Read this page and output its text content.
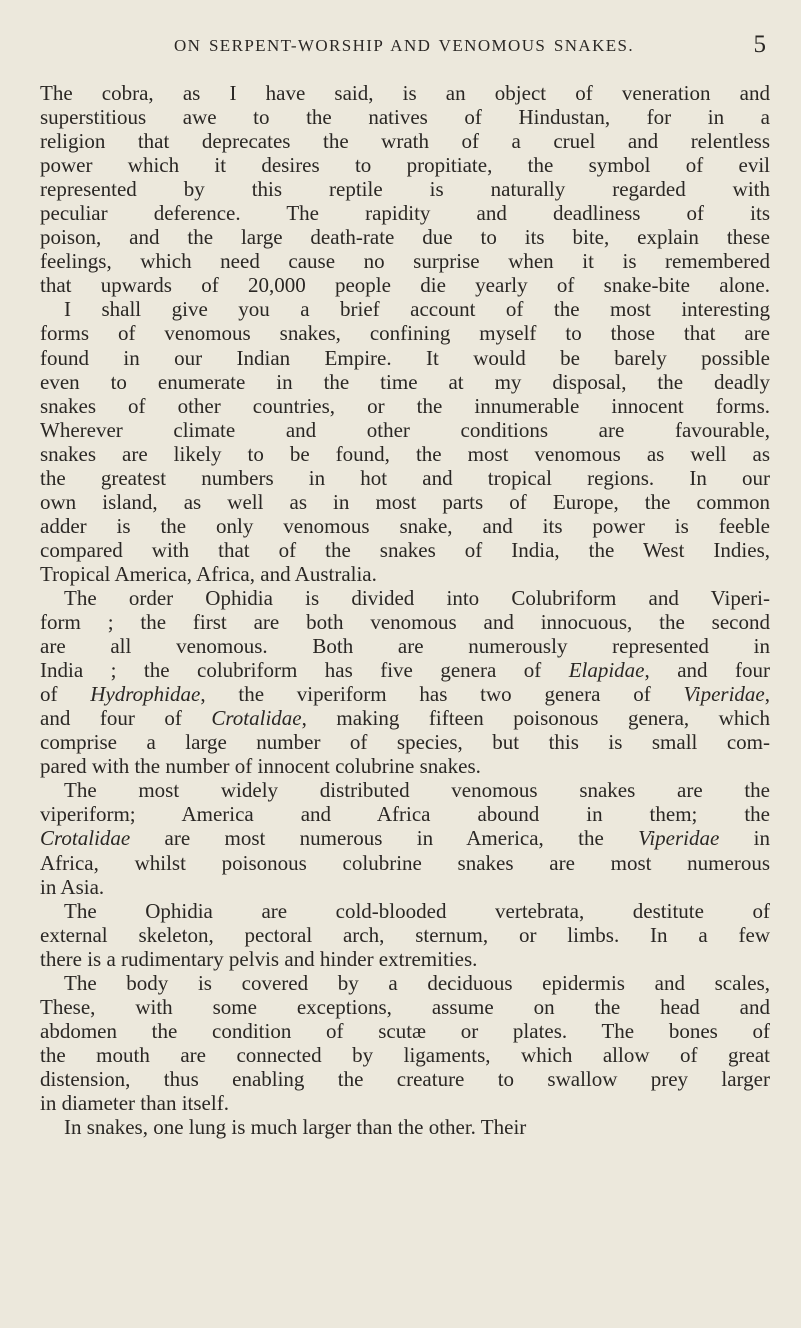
ON SERPENT-WORSHIP AND VENOMOUS SNAKES.	5
The cobra, as I have said, is an object of veneration and
superstitious awe to the natives of Hindustan, for in a
religion that deprecates the wrath of a cruel and relentless
power which it desires to propitiate, the symbol of evil
represented by this reptile is naturally regarded with
peculiar deference. The rapidity and deadliness of its
poison, and the large death-rate due to its bite, explain these
feelings, which need cause no surprise when it is remembered
that upwards of 20,000 people die yearly of snake-bite alone.
I shall give you a brief account of the most interesting
forms of venomous snakes, confining myself to those that are
found in our Indian Empire. It would be barely possible
even to enumerate in the time at my disposal, the deadly
snakes of other countries, or the innumerable innocent forms.
Wherever climate and other conditions are favourable,
snakes are likely to be found, the most venomous as well as
the greatest numbers in hot and tropical regions. In our
own island, as well as in most parts of Europe, the common
adder is the only venomous snake, and its power is feeble
compared with that of the snakes of India, the West Indies,
Tropical America, Africa, and Australia.
The order Ophidia is divided into Colubriform and Viperi-
form ; the first are both venomous and innocuous, the second
are all venomous. Both are numerously represented in
India ; the colubriform has five genera of Elapidae, and four
of Hydrophidae, the viperiform has two genera of Viperidae,
and four of Crotalidae, making fifteen poisonous genera, which
comprise a large number of species, but this is small com-
pared with the number of innocent colubrine snakes.
The most widely distributed venomous snakes are the
viperiform; America and Africa abound in them; the
Crotalidae are most numerous in America, the Viperidae in
Africa, whilst poisonous colubrine snakes are most numerous
in Asia.
The Ophidia are cold-blooded vertebrata, destitute of
external skeleton, pectoral arch, sternum, or limbs. In a few
there is a rudimentary pelvis and hinder extremities.
The body is covered by a deciduous epidermis and scales,
These, with some exceptions, assume on the head and
abdomen the condition of scutæ or plates. The bones of
the mouth are connected by ligaments, which allow of great
distension, thus enabling the creature to swallow prey larger
in diameter than itself.
In snakes, one lung is much larger than the other. Their
